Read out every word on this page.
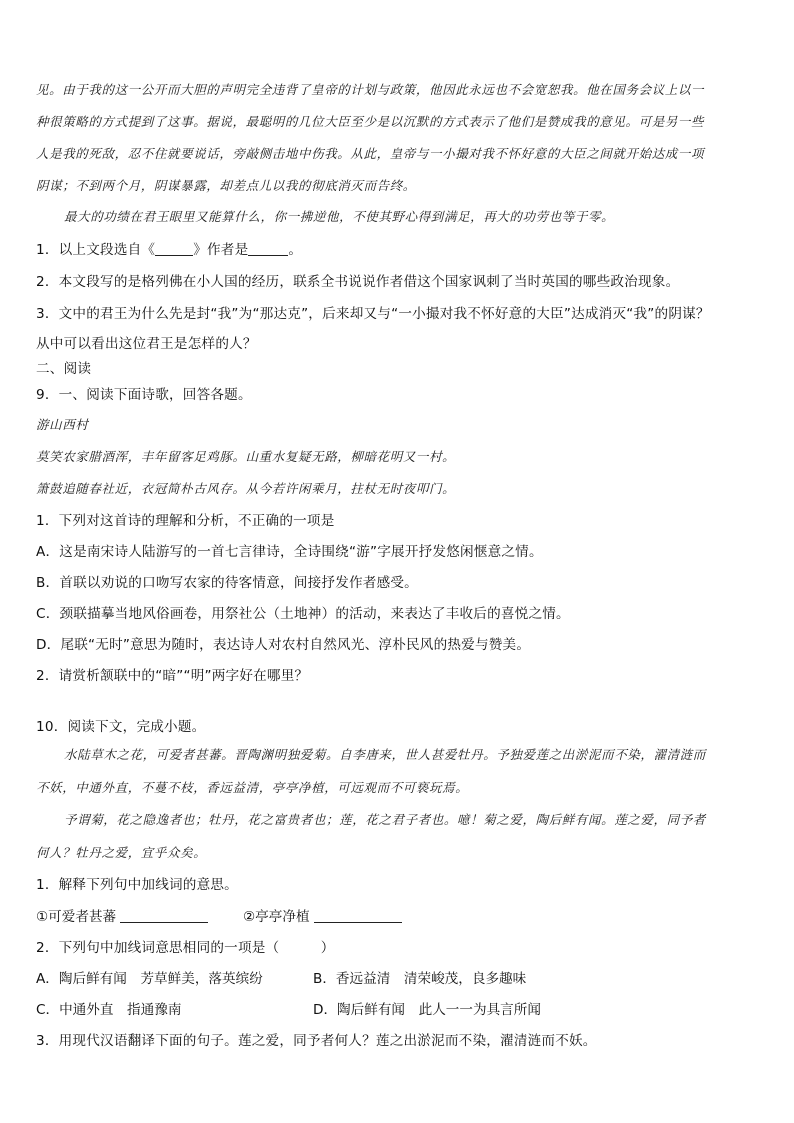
见。由于我的这一公开而大胆的声明完全违背了皇帝的计划与政策，他因此永远也不会宽恕我。他在国务会议上以一
种很策略的方式提到了这事。据说，最聪明的几位大臣至少是以沉默的方式表示了他们是赞成我的意见。可是另一些
人是我的死敌，忍不住就要说话，旁敲侧击地中伤我。从此，皇帝与一小撮对我不怀好意的大臣之间就开始达成一项
阴谋；不到两个月，阴谋暴露，却差点儿以我的彻底消灭而告终。
最大的功绩在君王眼里又能算什么，你一拂逆他，不使其野心得到满足，再大的功劳也等于零。
1．以上文段选自《	》作者是	。
2．本文段写的是格列佛在小人国的经历，联系全书说说作者借这个国家讽刺了当时英国的哪些政治现象。
3．文中的君王为什么先是封“我”为“那达克”，后来却又与“一小撮对我不怀好意的大臣”达成消灭“我”的阴谋？
从中可以看出这位君王是怎样的人？
二、阅读
9．一、阅读下面诗歌，回答各题。
游山西村
莫笑农家腊酒浑，丰年留客足鸡豚。山重水复疑无路，柳暗花明又一村。
箫鼓追随春社近，衣冠简朴古风存。从今若许闲乘月，拄杖无时夜叩门。
1．下列对这首诗的理解和分析，不正确的一项是
A．这是南宋诗人陆游写的一首七言律诗，全诗围绕“游”字展开抒发悠闲惬意之情。
B．首联以劝说的口吻写农家的待客情意，间接抒发作者感受。
C．颈联描摹当地风俗画卷，用祭社公（土地神）的活动，来表达了丰收后的喜悦之情。
D．尾联“无时”意思为随时，表达诗人对农村自然风光、淳朴民风的热爱与赞美。
2．请赏析颔联中的“暗”“明”两字好在哪里？
10．阅读下文，完成小题。
水陆草木之花，可爱者甚蕃。晋陶渊明独爱菊。自李唐来，世人甚爱牡丹。予独爱莲之出淤泥而不染，濯清涟而
不妖，中通外直，不蔓不枝，香远益清，亭亭净植，可远观而不可亵玩焉。
予谓菊，花之隐逸者也；牡丹，花之富贵者也；莲，花之君子者也。噫！菊之爱，陶后鲜有闻。莲之爱，同予者
何人？牡丹之爱，宜乎众矣。
1．解释下列句中加线词的意思。
①可爱者甚蕃	②亭亭净植
2．下列句中加线词意思相同的一项是（　　　）
A．陶后鲜有闻　芳草鲜美，落英缤纷	B．香远益清　清荣峻茂，良多趣味
C．中通外直　指通豫南	D．陶后鲜有闻　此人一一为具言所闻
3．用现代汉语翻译下面的句子。莲之爱，同予者何人？莲之出淤泥而不染，濯清涟而不妖。
